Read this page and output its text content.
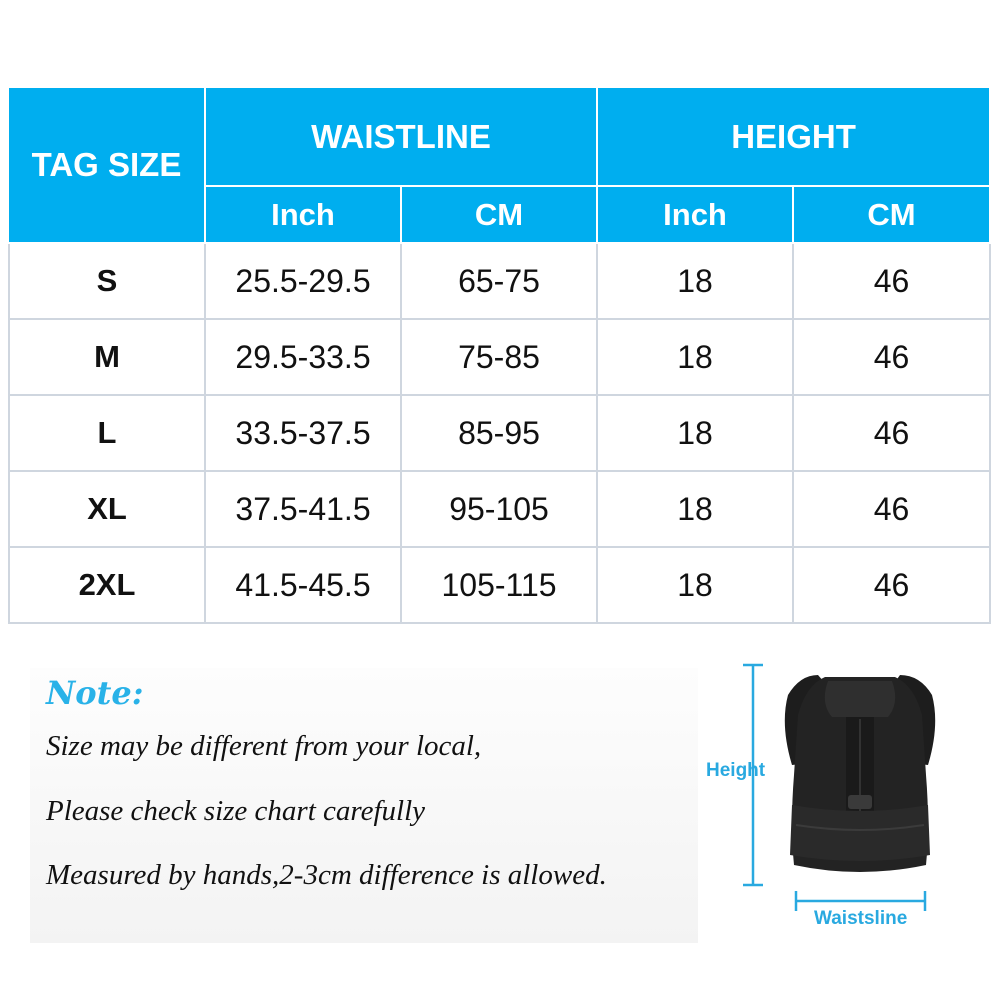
TAG SIZE	WAISTLINE		HEIGHT	
	Inch	CM	Inch	CM
S	25.5-29.5	65-75	18	46
M	29.5-33.5	75-85	18	46
L	33.5-37.5	85-95	18	46
XL	37.5-41.5	95-105	18	46
2XL	41.5-45.5	105-115	18	46
Note:
Size may be different from your local,
Please check size chart carefully
Measured by hands,2-3cm difference is allowed.
Height
Waistsline
